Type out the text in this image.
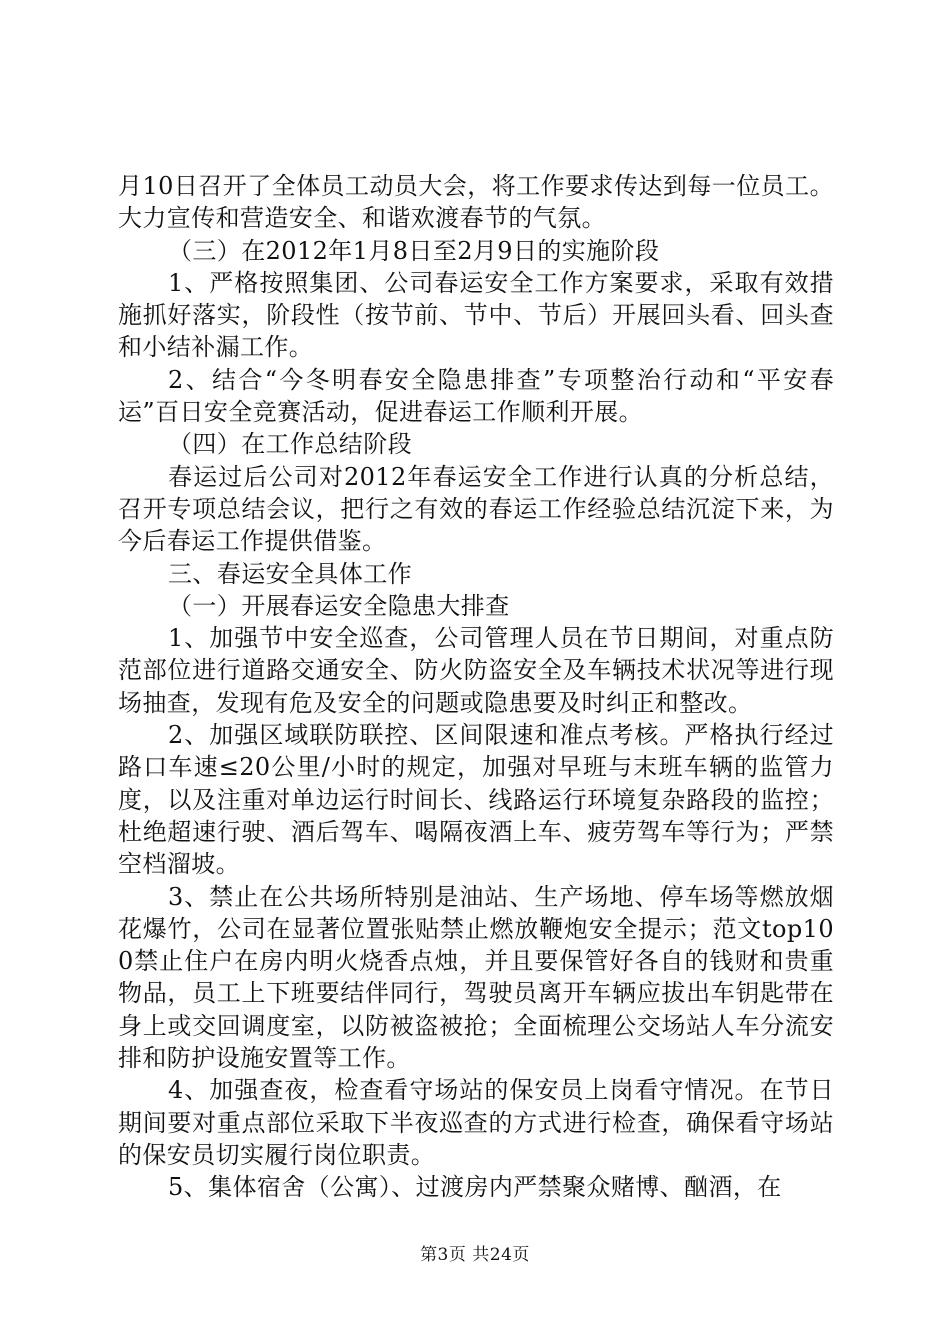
月10日召开了全体员工动员大会，将工作要求传达到每一位员工。大力宣传和营造安全、和谐欢渡春节的气氛。

（三）在2012年1月8日至2月9日的实施阶段

1、严格按照集团、公司春运安全工作方案要求，采取有效措施抓好落实，阶段性（按节前、节中、节后）开展回头看、回头查和小结补漏工作。

2、结合“今冬明春安全隐患排查”专项整治行动和“平安春运”百日安全竞赛活动，促进春运工作顺利开展。

（四）在工作总结阶段

春运过后公司对2012年春运安全工作进行认真的分析总结，召开专项总结会议，把行之有效的春运工作经验总结沉淀下来，为今后春运工作提供借鉴。

三、春运安全具体工作

（一）开展春运安全隐患大排查

1、加强节中安全巡查，公司管理人员在节日期间，对重点防范部位进行道路交通安全、防火防盗安全及车辆技术状况等进行现场抽查，发现有危及安全的问题或隐患要及时纠正和整改。

2、加强区域联防联控、区间限速和准点考核。严格执行经过路口车速≤20公里/小时的规定，加强对早班与末班车辆的监管力度，以及注重对单边运行时间长、线路运行环境复杂路段的监控；杜绝超速行驶、酒后驾车、喝隔夜酒上车、疲劳驾车等行为；严禁空档溜坡。

3、禁止在公共场所特别是油站、生产场地、停车场等燃放烟花爆竹，公司在显著位置张贴禁止燃放鞭炮安全提示；范文top100禁止住户在房内明火烧香点烛，并且要保管好各自的钱财和贵重物品，员工上下班要结伴同行，驾驶员离开车辆应拔出车钥匙带在身上或交回调度室，以防被盗被抢；全面梳理公交场站人车分流安排和防护设施安置等工作。

4、加强查夜，检查看守场站的保安员上岗看守情况。在节日期间要对重点部位采取下半夜巡查的方式进行检查，确保看守场站的保安员切实履行岗位职责。

5、集体宿舍（公寓）、过渡房内严禁聚众赌博、酗酒，在

第3页 共24页
